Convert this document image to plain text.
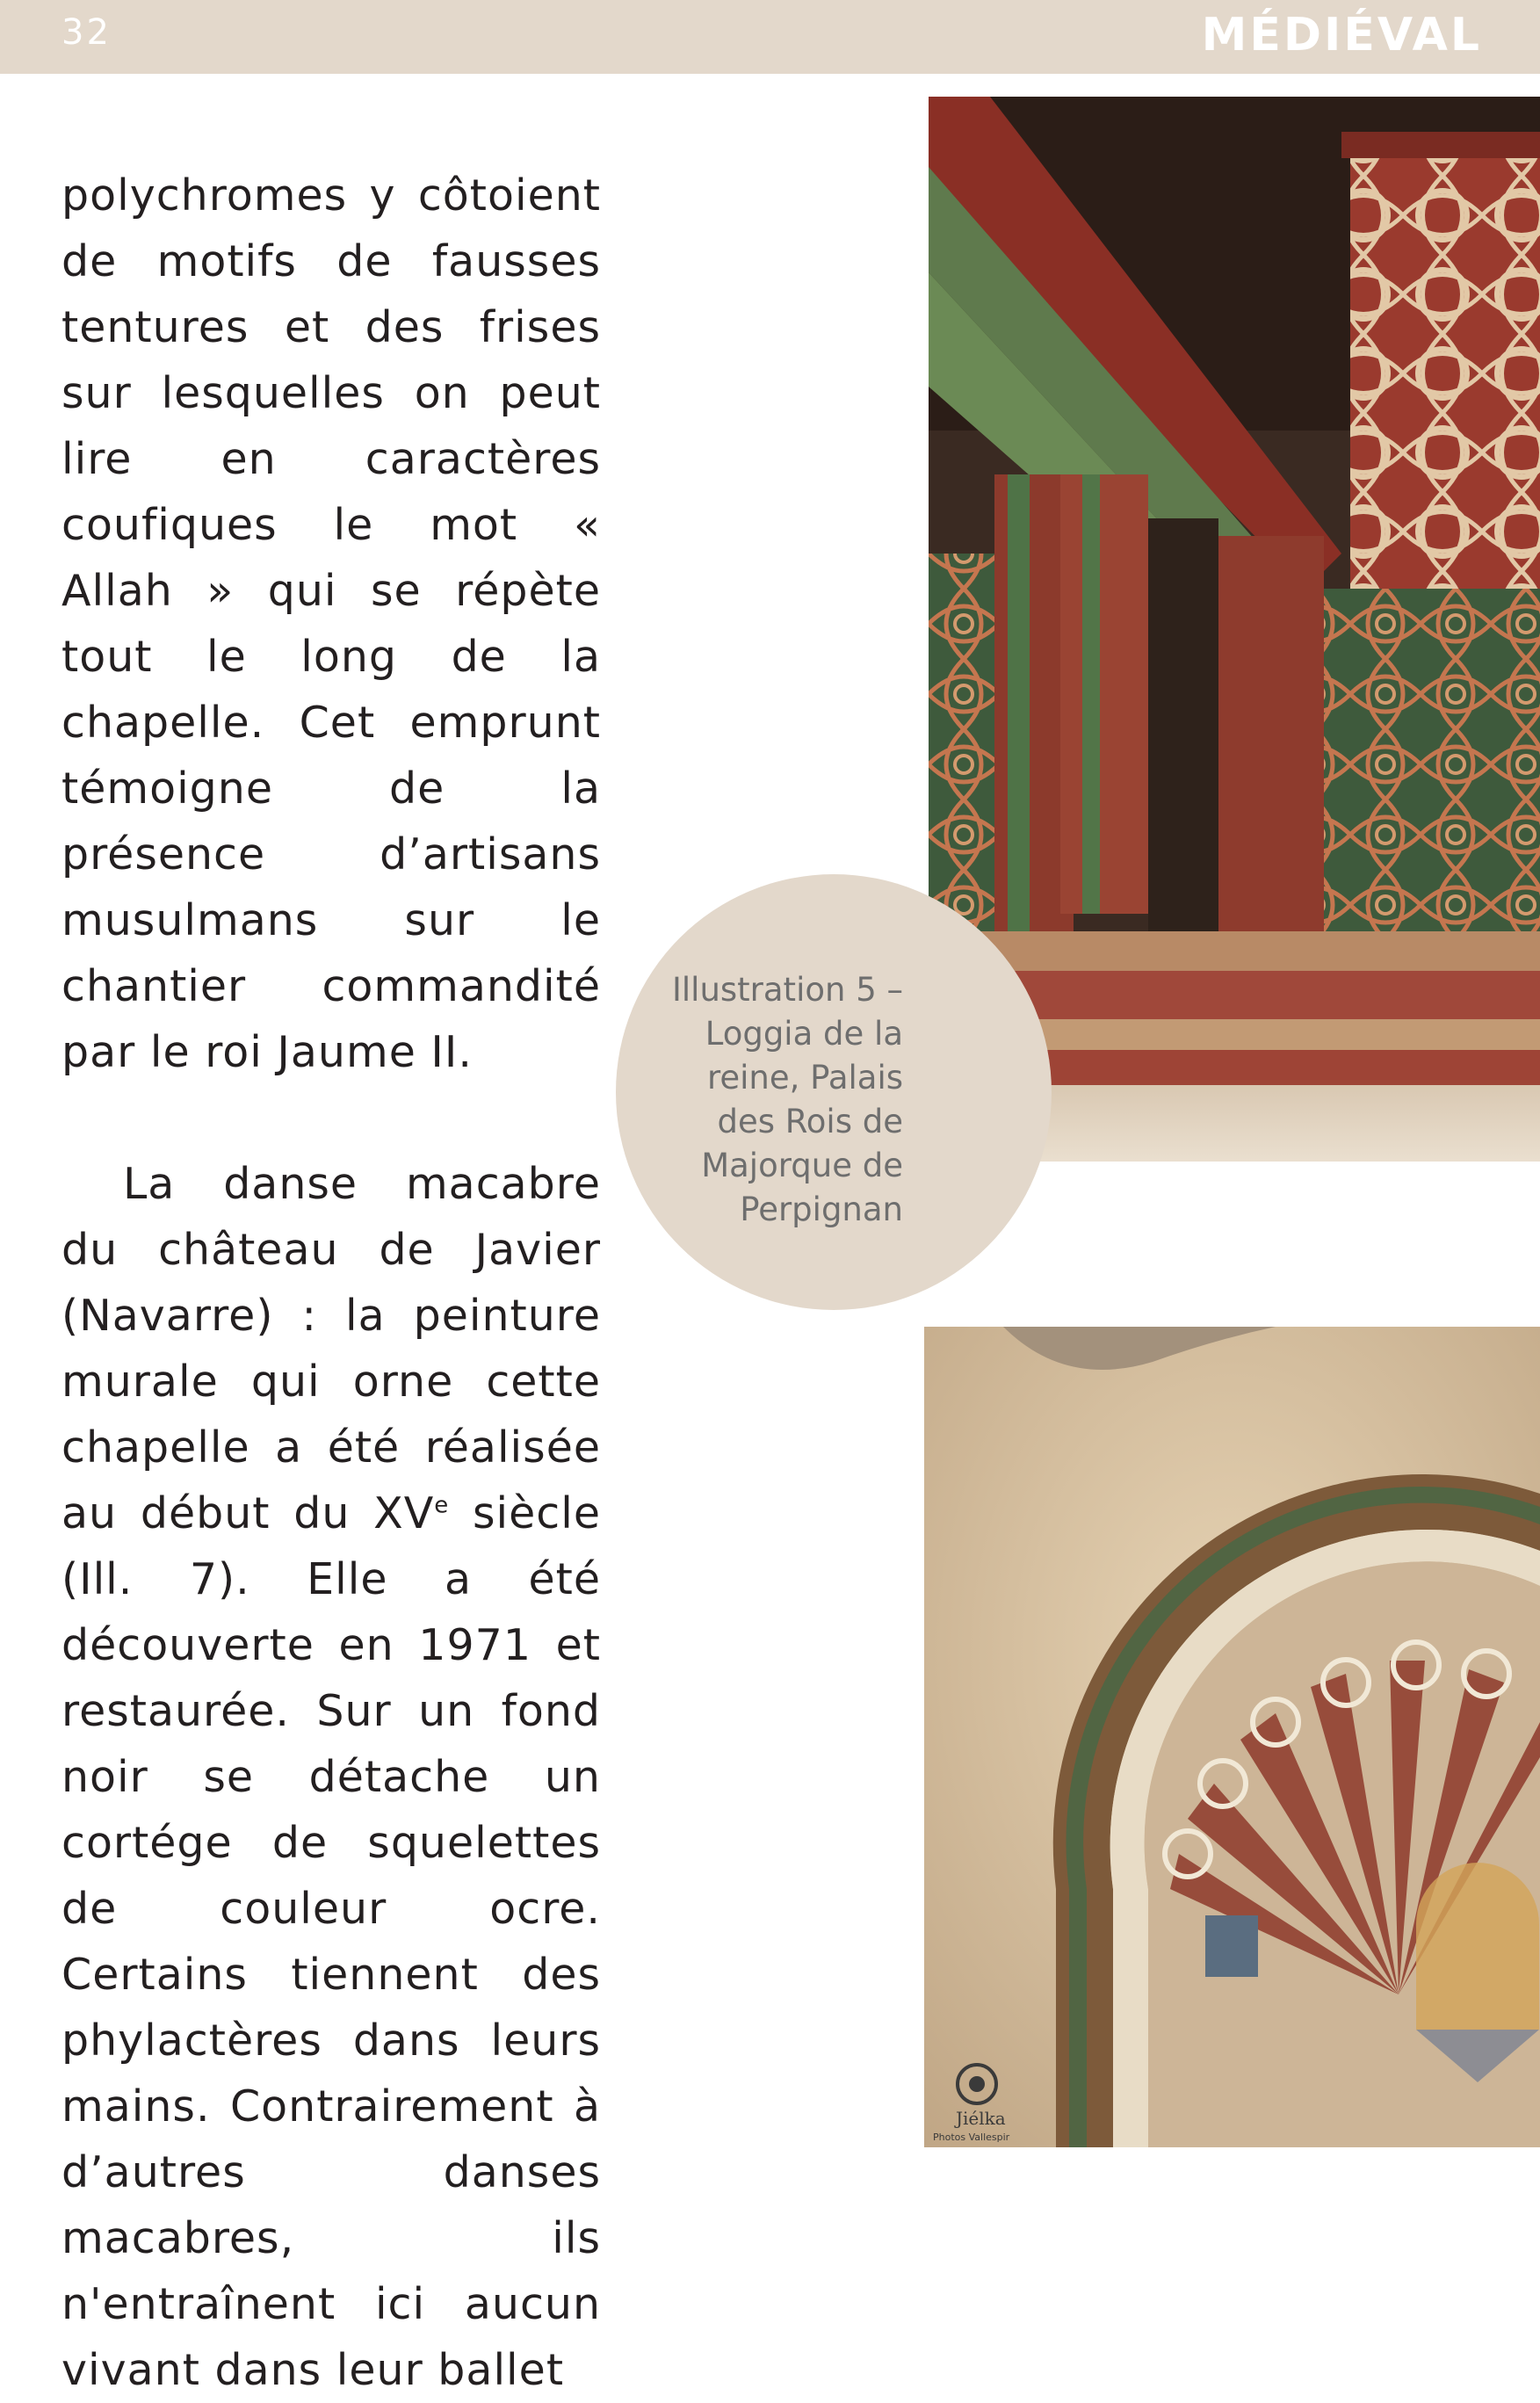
32	MÉDIÉVAL

polychromes y côtoient de motifs de fausses tentures et des frises sur lesquelles on peut lire en caractères coufiques le mot « Allah » qui se répète tout le long de la chapelle. Cet emprunt témoigne de la présence d’artisans musulmans sur le chantier commandité par le roi Jaume II.

La danse macabre du château de Javier (Navarre) : la peinture murale qui orne cette chapelle a été réalisée au début du XVe siècle (Ill. 7). Elle a été découverte en 1971 et restaurée. Sur un fond noir se détache un cortége de squelettes de couleur ocre. Certains tiennent des phylactères dans leurs mains. Contrairement à d’autres danses macabres, ils n'entraînent ici aucun vivant dans leur ballet

Jiélka
Photos Vallespir
Illustration 5 –
Loggia de la
reine, Palais
des Rois de
Majorque de
Perpignan
